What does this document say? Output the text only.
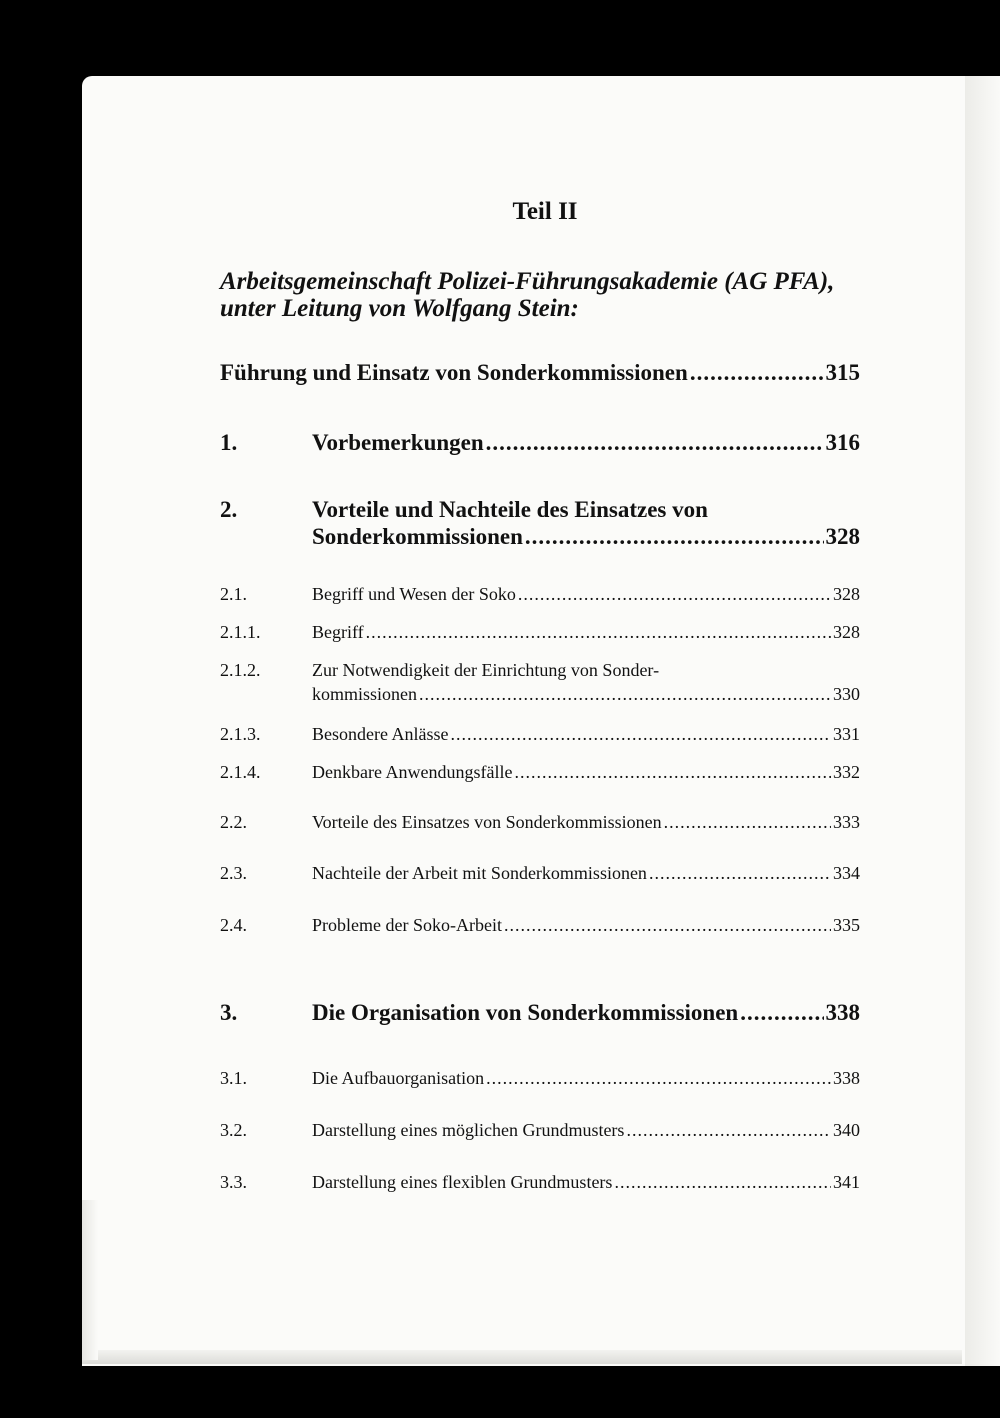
Teil II
Arbeitsgemeinschaft Polizei-Führungsakademie (AG PFA),
unter Leitung von Wolfgang Stein:
Führung und Einsatz von Sonderkommissionen .....	315
1.	Vorbemerkungen .....	316
2.	Vorteile und Nachteile des Einsatzes von
Sonderkommissionen .....	328
2.1.	Begriff und Wesen der Soko .....	328
2.1.1.	Begriff .....	328
2.1.2.	Zur Notwendigkeit der Einrichtung von Sonder-
kommissionen .....	330
2.1.3.	Besondere Anlässe .....	331
2.1.4.	Denkbare Anwendungsfälle .....	332
2.2.	Vorteile des Einsatzes von Sonderkommissionen .....	333
2.3.	Nachteile der Arbeit mit Sonderkommissionen .....	334
2.4.	Probleme der Soko-Arbeit .....	335
3.	Die Organisation von Sonderkommissionen .....	338
3.1.	Die Aufbauorganisation .....	338
3.2.	Darstellung eines möglichen Grundmusters .....	340
3.3.	Darstellung eines flexiblen Grundmusters .....	341
